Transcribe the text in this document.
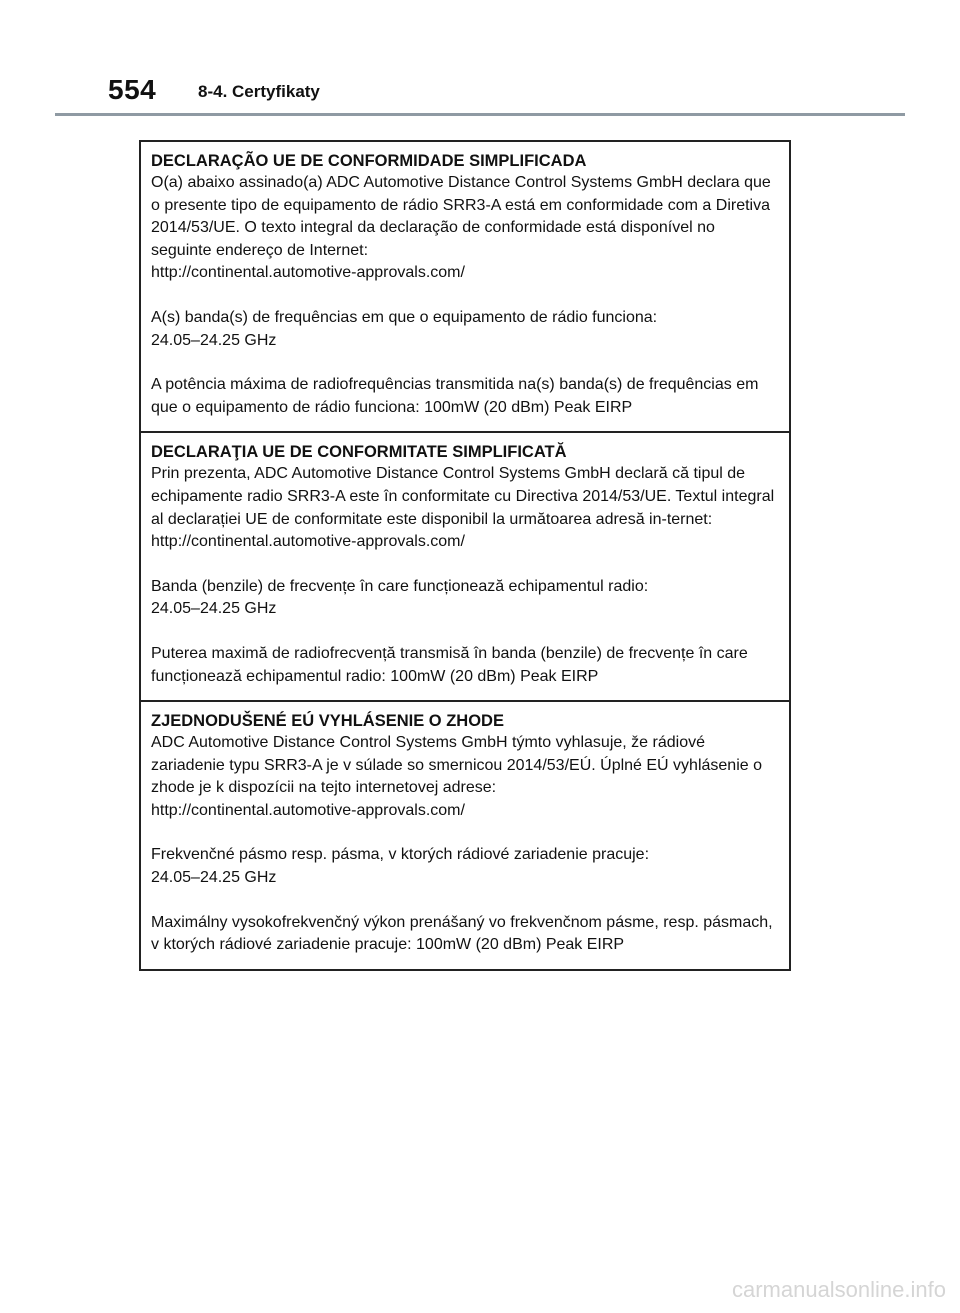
554 8-4. Certyfikaty
DECLARAÇÃO UE DE CONFORMIDADE SIMPLIFICADA

O(a) abaixo assinado(a) ADC Automotive Distance Control Systems GmbH declara que o presente tipo de equipamento de rádio SRR3-A está em conformidade com a Diretiva 2014/53/UE. O texto integral da declaração de conformidade está disponível no seguinte endereço de Internet:
http://continental.automotive-approvals.com/

A(s) banda(s) de frequências em que o equipamento de rádio funciona:
24.05–24.25 GHz

A potência máxima de radiofrequências transmitida na(s) banda(s) de frequências em que o equipamento de rádio funciona: 100mW (20 dBm) Peak EIRP

DECLARAŢIA UE DE CONFORMITATE SIMPLIFICATĂ

Prin prezenta, ADC Automotive Distance Control Systems GmbH declară că tipul de echipamente radio SRR3-A este în conformitate cu Directiva 2014/53/UE. Textul integral al declarației UE de conformitate este disponibil la următoarea adresă in-ternet:
http://continental.automotive-approvals.com/

Banda (benzile) de frecvențe în care funcționează echipamentul radio:
24.05–24.25 GHz

Puterea maximă de radiofrecvență transmisă în banda (benzile) de frecvențe în care funcționează echipamentul radio: 100mW (20 dBm) Peak EIRP

ZJEDNODUŠENÉ EÚ VYHLÁSENIE O ZHODE

ADC Automotive Distance Control Systems GmbH týmto vyhlasuje, že rádiové zariadenie typu SRR3-A je v súlade so smernicou 2014/53/EÚ. Úplné EÚ vyhlásenie o zhode je k dispozícii na tejto internetovej adrese:
http://continental.automotive-approvals.com/

Frekvenčné pásmo resp. pásma, v ktorých rádiové zariadenie pracuje:
24.05–24.25 GHz

Maximálny vysokofrekvenčný výkon prenášaný vo frekvenčnom pásme, resp. pásmach, v ktorých rádiové zariadenie pracuje: 100mW (20 dBm) Peak EIRP

carmanualsonline.info
